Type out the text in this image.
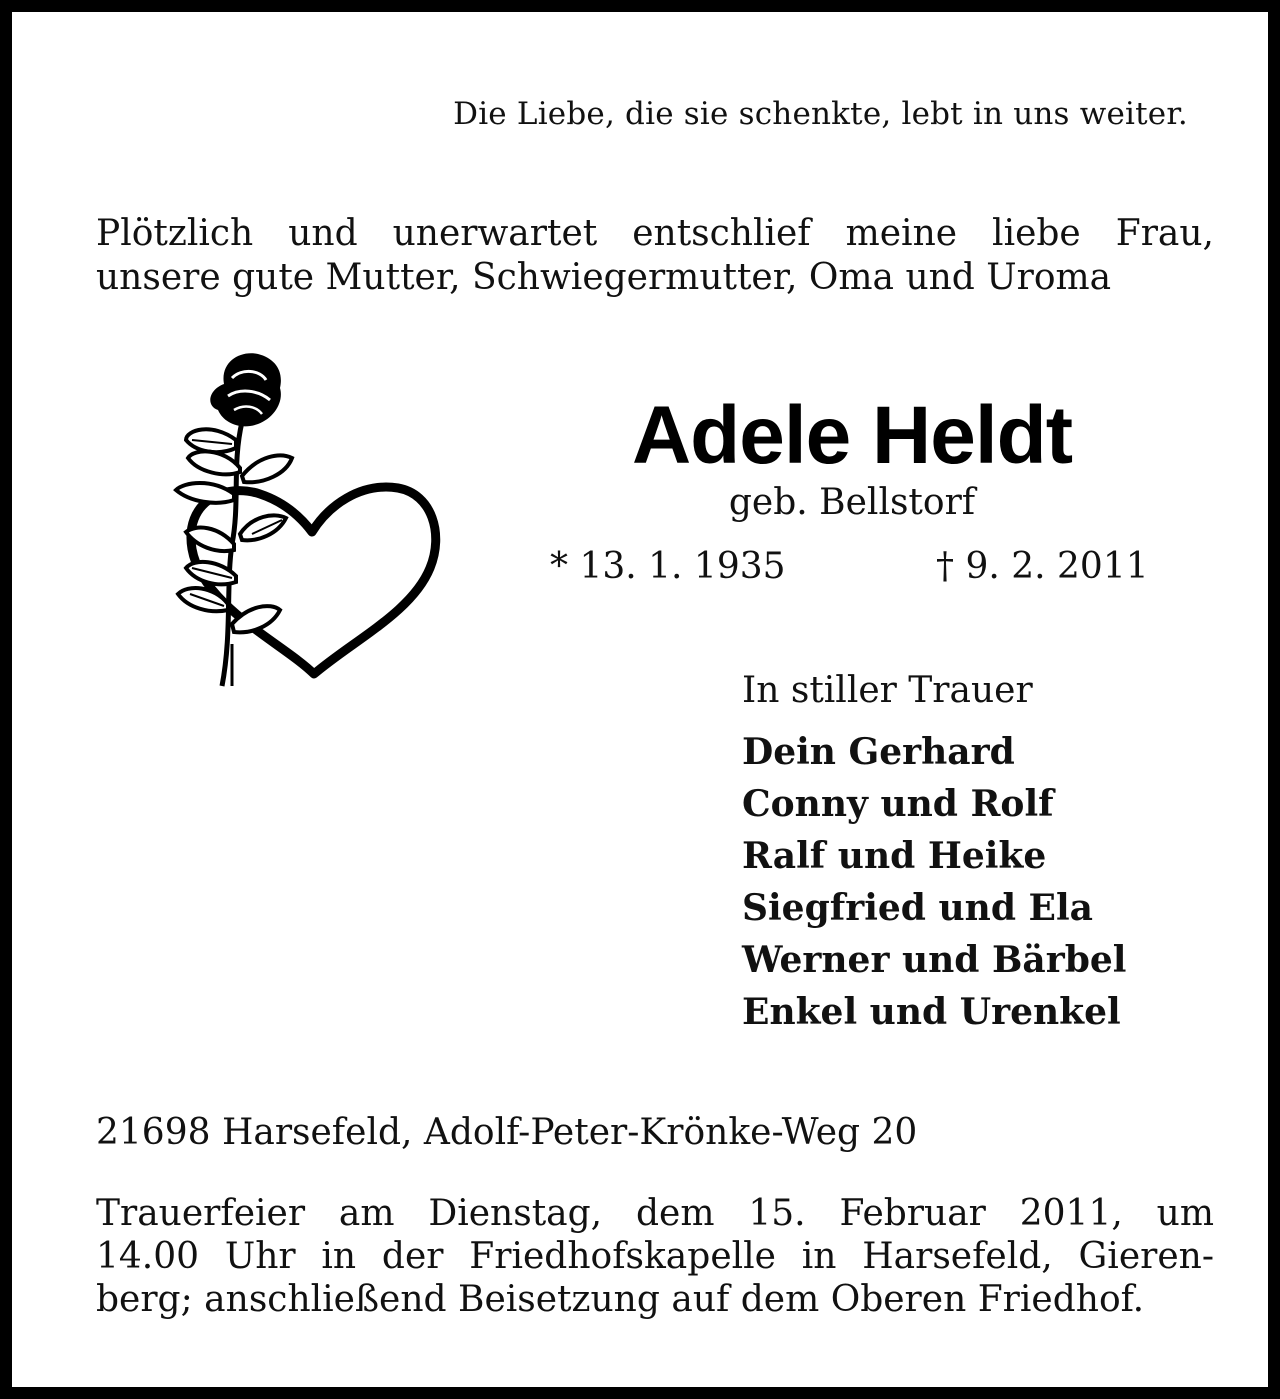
Die Liebe, die sie schenkte, lebt in uns weiter.
Plötzlich und unerwartet entschlief meine liebe Frau,
unsere gute Mutter, Schwiegermutter, Oma und Uroma
Adele Heldt
geb. Bellstorf
* 13. 1. 1935	† 9. 2. 2011
In stiller Trauer
Dein Gerhard
Conny und Rolf
Ralf und Heike
Siegfried und Ela
Werner und Bärbel
Enkel und Urenkel
21698 Harsefeld, Adolf-Peter-Krönke-Weg 20
Trauerfeier am Dienstag, dem 15. Februar 2011, um
14.00 Uhr in der Friedhofskapelle in Harsefeld, Gieren-
berg; anschließend Beisetzung auf dem Oberen Friedhof.
